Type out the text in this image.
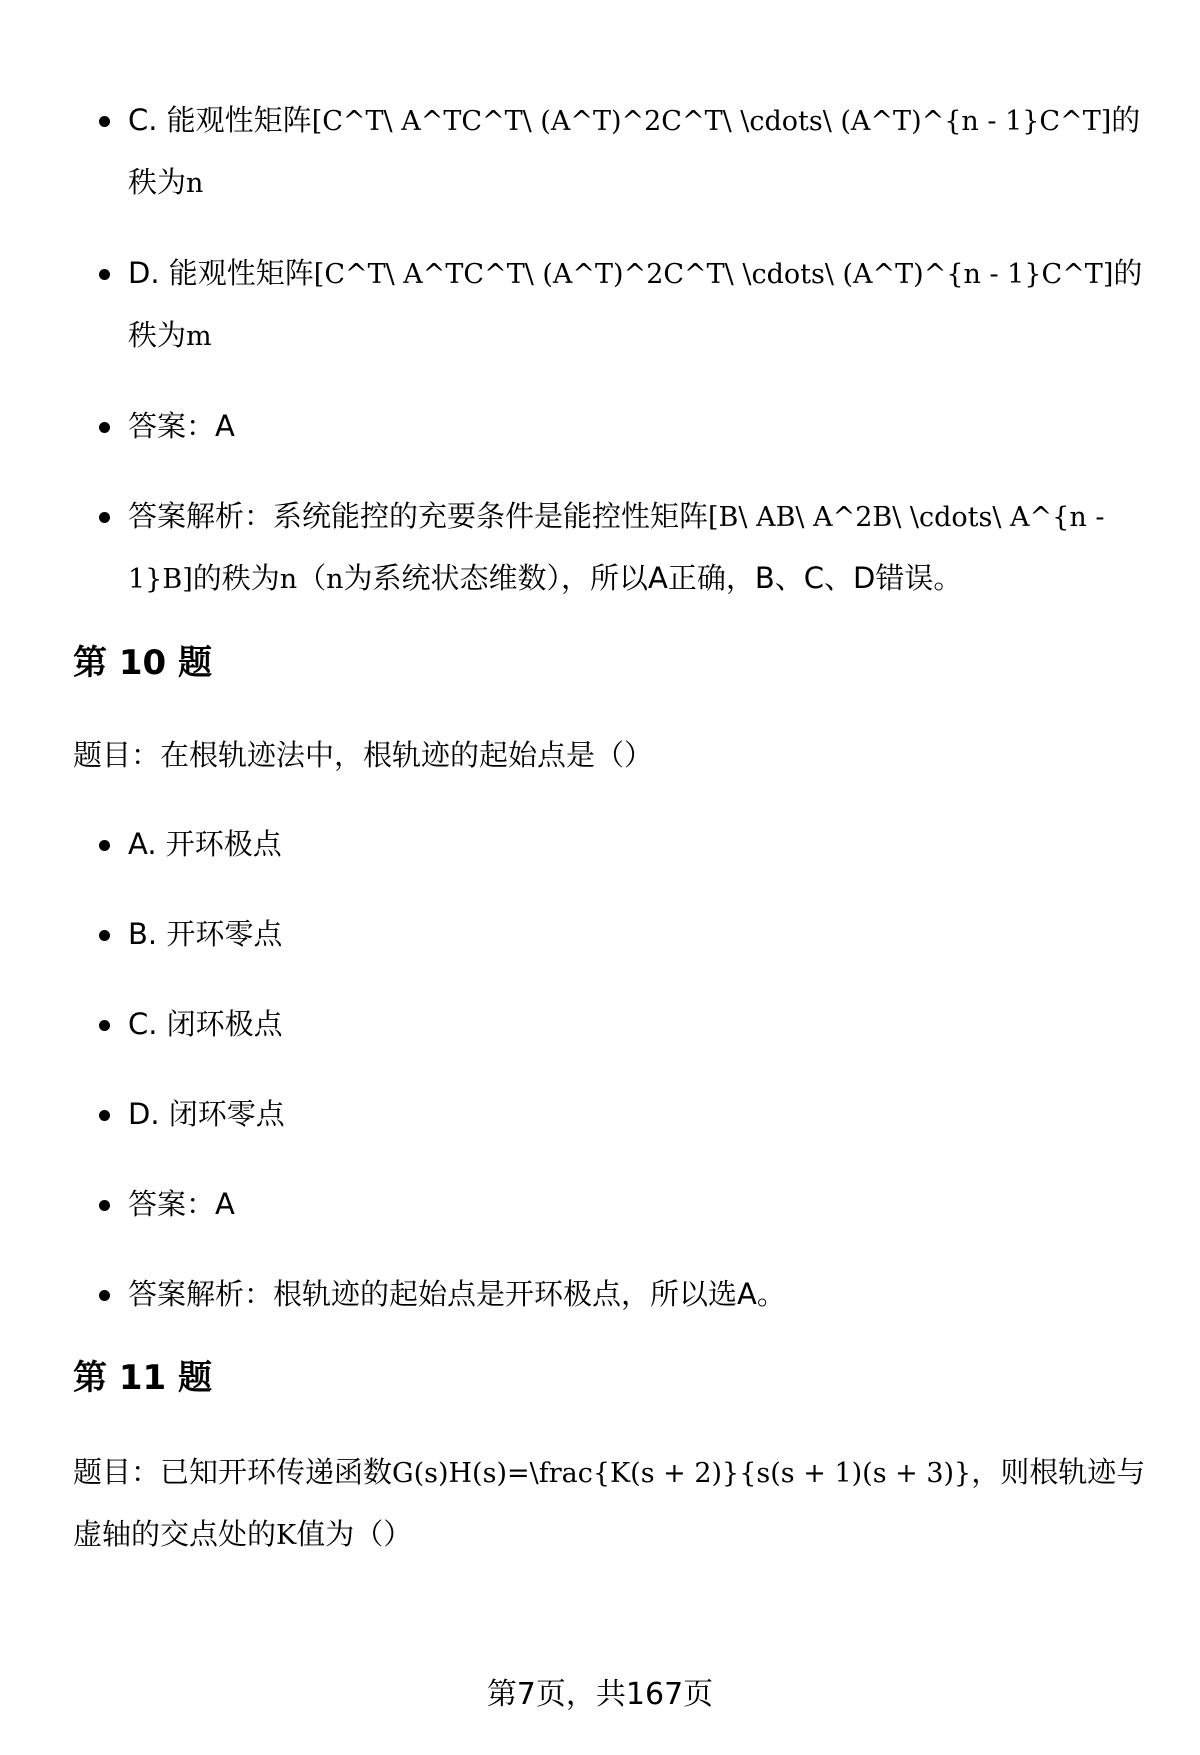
C. 能观性矩阵[C^T\ A^TC^T\ (A^T)^2C^T\ \cdots\ (A^T)^{n - 1}C^T]的秩为n
D. 能观性矩阵[C^T\ A^TC^T\ (A^T)^2C^T\ \cdots\ (A^T)^{n - 1}C^T]的秩为m
答案：A
答案解析：系统能控的充要条件是能控性矩阵[B\ AB\ A^2B\ \cdots\ A^{n - 1}B]的秩为n（n为系统状态维数），所以A正确，B、C、D错误。
第 10 题

题目：在根轨迹法中，根轨迹的起始点是（）

A. 开环极点
B. 开环零点
C. 闭环极点
D. 闭环零点
答案：A
答案解析：根轨迹的起始点是开环极点，所以选A。
第 11 题

题目：已知开环传递函数G(s)H(s)=\frac{K(s + 2)}{s(s + 1)(s + 3)}，则根轨迹与虚轴的交点处的K值为（）

第7页，共167页
